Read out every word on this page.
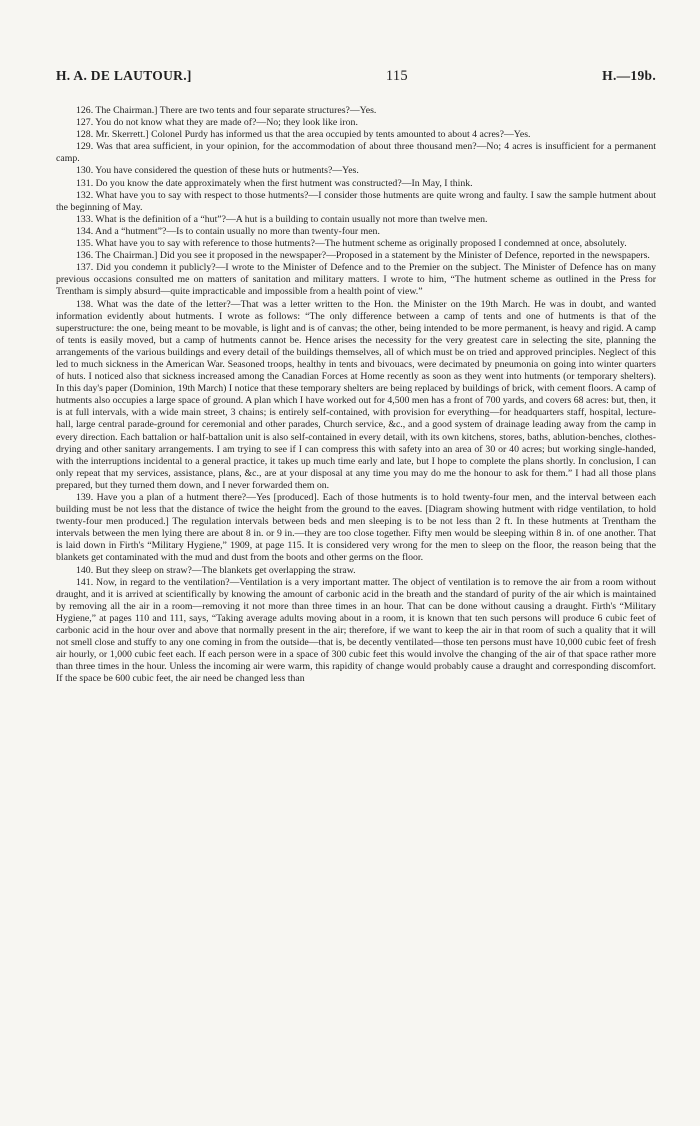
H. A. DE LAUTOUR.]	115	H.—19b.

126. The Chairman.] There are two tents and four separate structures?—Yes.

127. You do not know what they are made of?—No; they look like iron.

128. Mr. Skerrett.] Colonel Purdy has informed us that the area occupied by tents amounted to about 4 acres?—Yes.

129. Was that area sufficient, in your opinion, for the accommodation of about three thousand men?—No; 4 acres is insufficient for a permanent camp.

130. You have considered the question of these huts or hutments?—Yes.

131. Do you know the date approximately when the first hutment was constructed?—In May, I think.

132. What have you to say with respect to those hutments?—I consider those hutments are quite wrong and faulty. I saw the sample hutment about the beginning of May.

133. What is the definition of a “hut”?—A hut is a building to contain usually not more than twelve men.

134. And a “hutment”?—Is to contain usually no more than twenty-four men.

135. What have you to say with reference to those hutments?—The hutment scheme as originally proposed I condemned at once, absolutely.

136. The Chairman.] Did you see it proposed in the newspaper?—Proposed in a statement by the Minister of Defence, reported in the newspapers.

137. Did you condemn it publicly?—I wrote to the Minister of Defence and to the Premier on the subject. The Minister of Defence has on many previous occasions consulted me on matters of sanitation and military matters. I wrote to him, “The hutment scheme as outlined in the Press for Trentham is simply absurd—quite impracticable and impossible from a health point of view.”

138. What was the date of the letter?—That was a letter written to the Hon. the Minister on the 19th March. He was in doubt, and wanted information evidently about hutments. I wrote as follows: “The only difference between a camp of tents and one of hutments is that of the superstructure: the one, being meant to be movable, is light and is of canvas; the other, being intended to be more permanent, is heavy and rigid. A camp of tents is easily moved, but a camp of hutments cannot be. Hence arises the necessity for the very greatest care in selecting the site, planning the arrangements of the various buildings and every detail of the buildings themselves, all of which must be on tried and approved principles. Neglect of this led to much sickness in the American War. Seasoned troops, healthy in tents and bivouacs, were decimated by pneumonia on going into winter quarters of huts. I noticed also that sickness increased among the Canadian Forces at Home recently as soon as they went into hutments (or temporary shelters). In this day's paper (Dominion, 19th March) I notice that these temporary shelters are being replaced by buildings of brick, with cement floors. A camp of hutments also occupies a large space of ground. A plan which I have worked out for 4,500 men has a front of 700 yards, and covers 68 acres: but, then, it is at full intervals, with a wide main street, 3 chains; is entirely self-contained, with provision for everything—for headquarters staff, hospital, lecture-hall, large central parade-ground for ceremonial and other parades, Church service, &c., and a good system of drainage leading away from the camp in every direction. Each battalion or half-battalion unit is also self-contained in every detail, with its own kitchens, stores, baths, ablution-benches, clothes-drying and other sanitary arrangements. I am trying to see if I can compress this with safety into an area of 30 or 40 acres; but working single-handed, with the interruptions incidental to a general practice, it takes up much time early and late, but I hope to complete the plans shortly. In conclusion, I can only repeat that my services, assistance, plans, &c., are at your disposal at any time you may do me the honour to ask for them.” I had all those plans prepared, but they turned them down, and I never forwarded them on.

139. Have you a plan of a hutment there?—Yes [produced]. Each of those hutments is to hold twenty-four men, and the interval between each building must be not less that the distance of twice the height from the ground to the eaves. [Diagram showing hutment with ridge ventilation, to hold twenty-four men produced.] The regulation intervals between beds and men sleeping is to be not less than 2 ft. In these hutments at Trentham the intervals between the men lying there are about 8 in. or 9 in.—they are too close together. Fifty men would be sleeping within 8 in. of one another. That is laid down in Firth's “Military Hygiene,” 1909, at page 115. It is considered very wrong for the men to sleep on the floor, the reason being that the blankets get contaminated with the mud and dust from the boots and other germs on the floor.

140. But they sleep on straw?—The blankets get overlapping the straw.

141. Now, in regard to the ventilation?—Ventilation is a very important matter. The object of ventilation is to remove the air from a room without draught, and it is arrived at scientifically by knowing the amount of carbonic acid in the breath and the standard of purity of the air which is maintained by removing all the air in a room—removing it not more than three times in an hour. That can be done without causing a draught. Firth's “Military Hygiene,” at pages 110 and 111, says, “Taking average adults moving about in a room, it is known that ten such persons will produce 6 cubic feet of carbonic acid in the hour over and above that normally present in the air; therefore, if we want to keep the air in that room of such a quality that it will not smell close and stuffy to any one coming in from the outside—that is, be decently ventilated—those ten persons must have 10,000 cubic feet of fresh air hourly, or 1,000 cubic feet each. If each person were in a space of 300 cubic feet this would involve the changing of the air of that space rather more than three times in the hour. Unless the incoming air were warm, this rapidity of change would probably cause a draught and corresponding discomfort. If the space be 600 cubic feet, the air need be changed less than
